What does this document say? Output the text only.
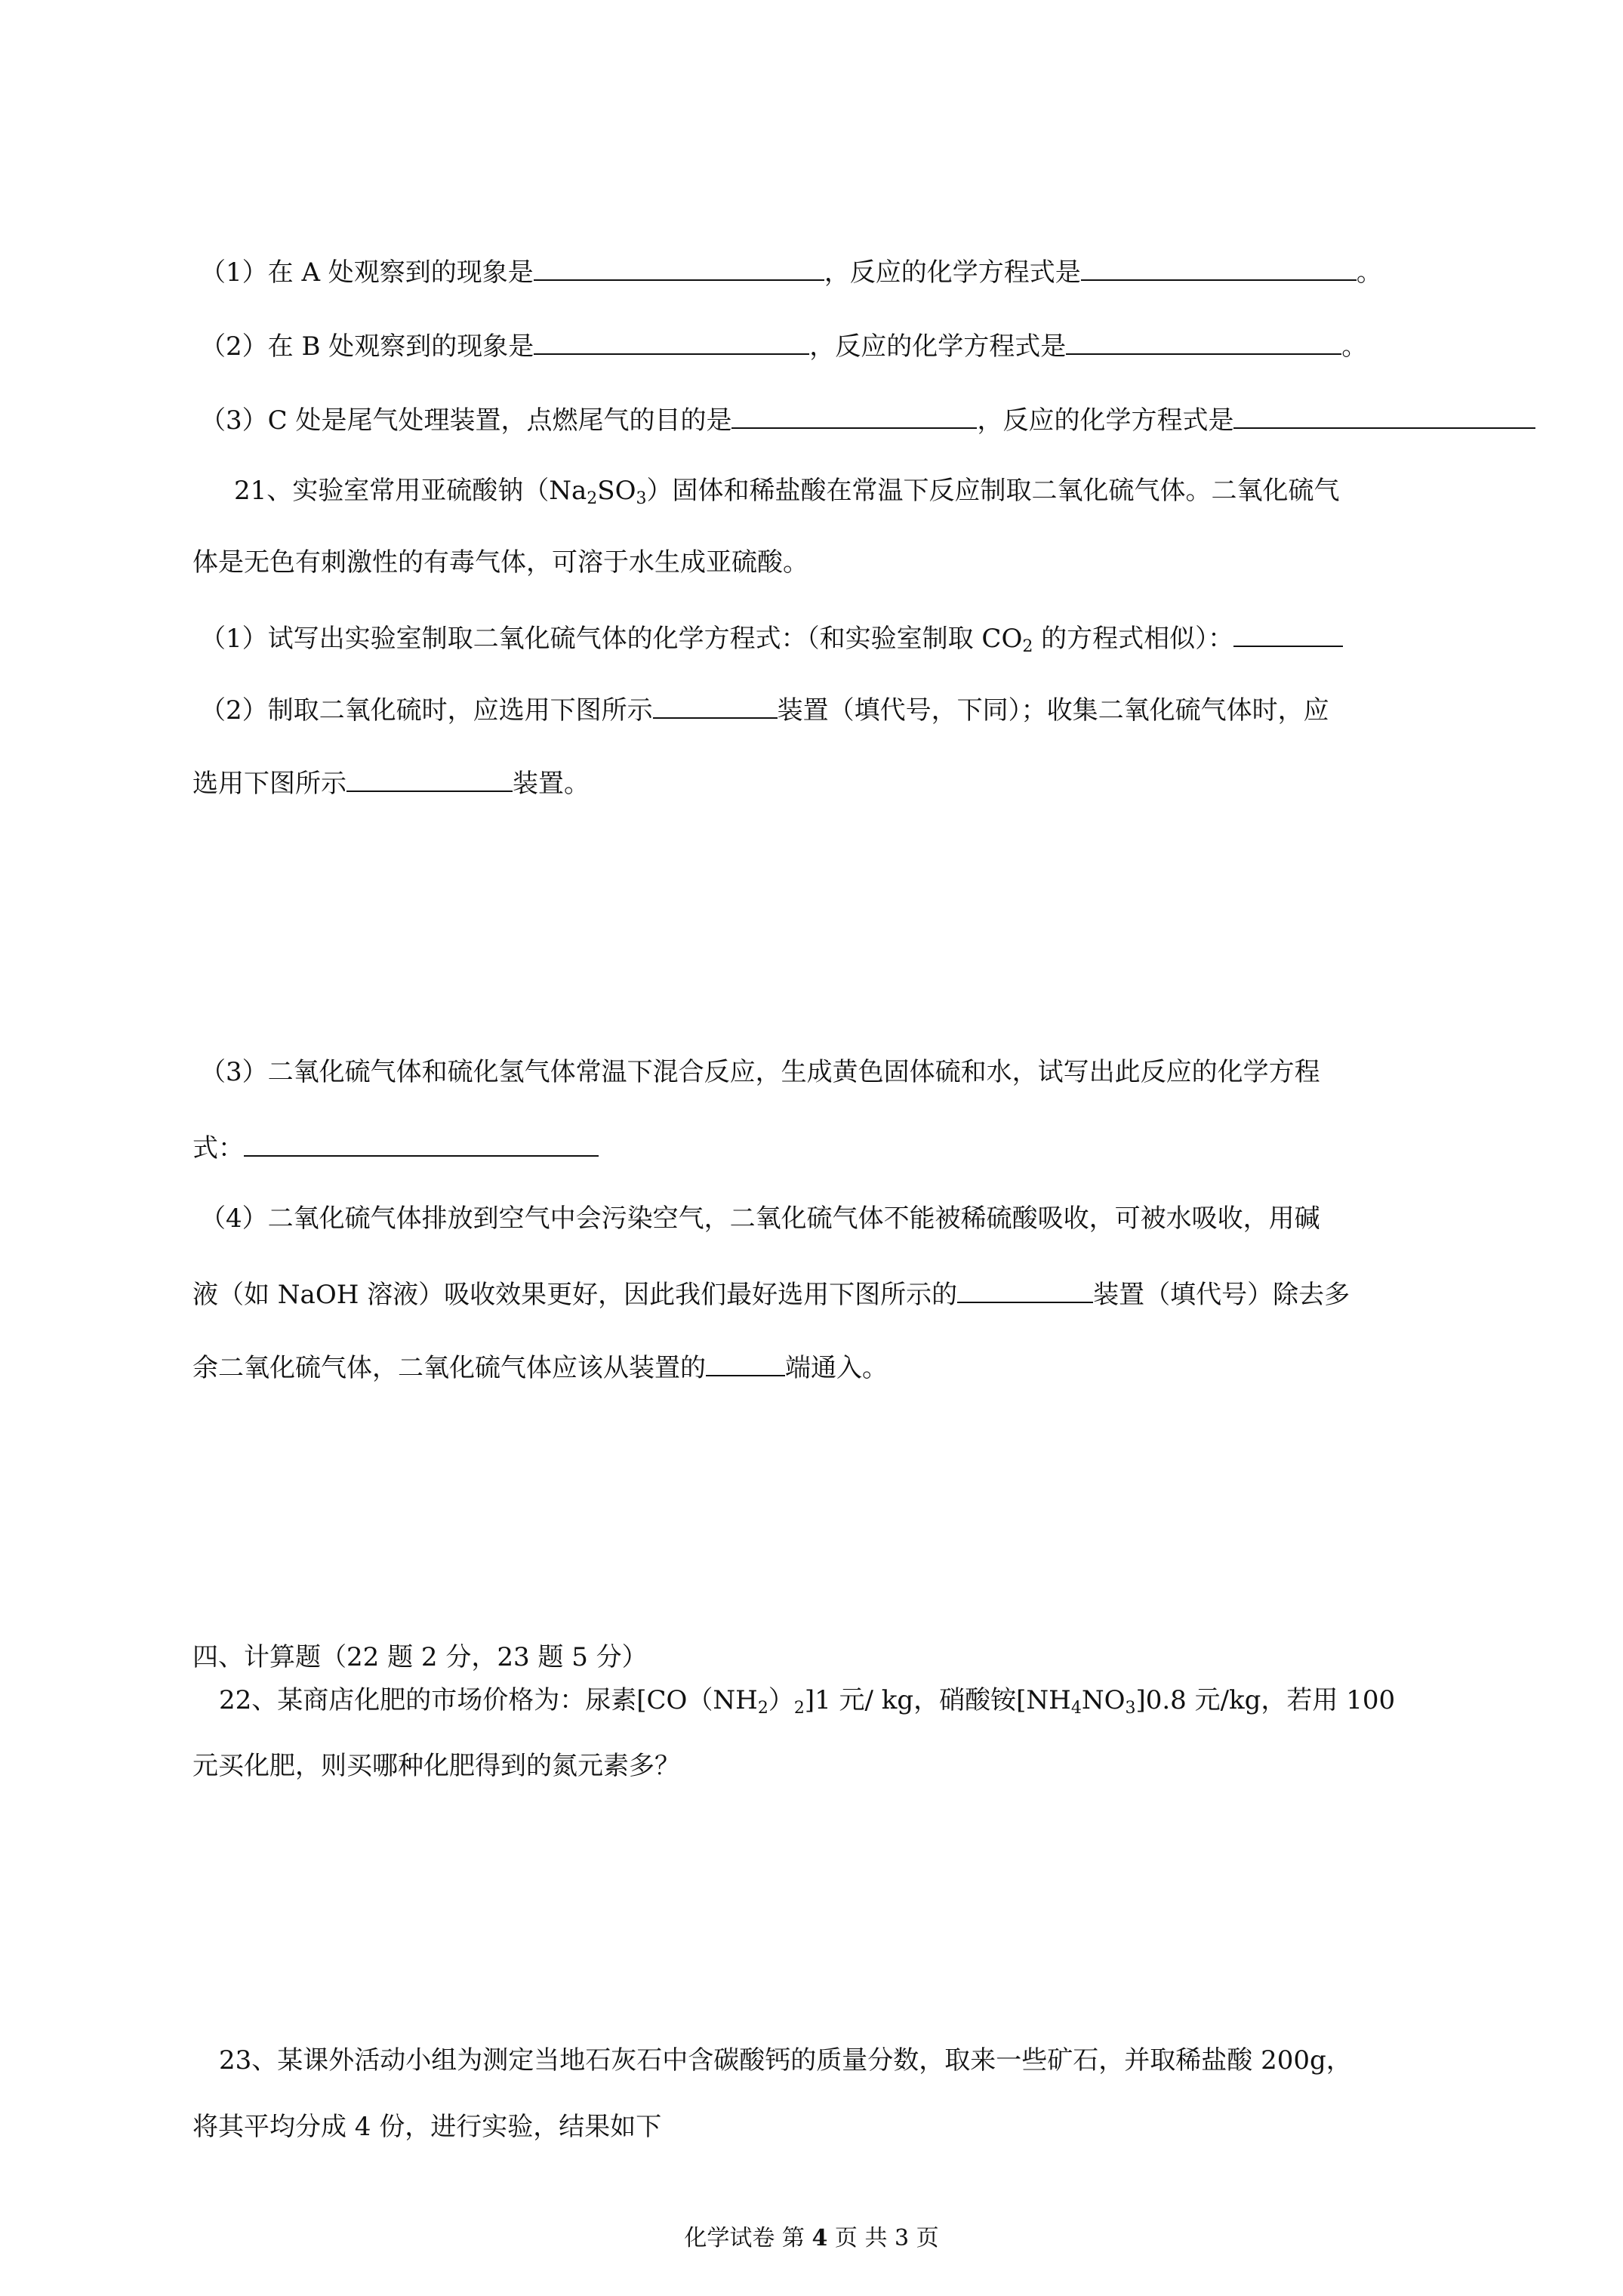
（1）在 A 处观察到的现象是	，反应的化学方程式是	。
（2）在 B 处观察到的现象是	，反应的化学方程式是	。
（3）C 处是尾气处理装置，点燃尾气的目的是	，反应的化学方程式是
21、实验室常用亚硫酸钠$(Na_2SO_3)$固体和稀盐酸在常温下反应制取二氧化硫气体。二氧化硫气
体是无色有刺激性的有毒气体，可溶于水生成亚硫酸。
（1）试写出实验室制取二氧化硫气体的化学方程式：（和实验室制取 $CO_2$ 的方程式相似）：
（2）制取二氧化硫时，应选用下图所示	装置（填代号，下同）；收集二氧化硫气体时，应
选用下图所示	装置。
（3）二氧化硫气体和硫化氢气体常温下混合反应，生成黄色固体硫和水，试写出此反应的化学方程
式：
（4）二氧化硫气体排放到空气中会污染空气，二氧化硫气体不能被稀硫酸吸收，可被水吸收，用碱
液（如 NaOH 溶液）吸收效果更好，因此我们最好选用下图所示的	装置（填代号）除去多
余二氧化硫气体，二氧化硫气体应该从装置的	端通入。
四、计算题（22 题 2 分，23 题 5 分）
22、某商店化肥的市场价格为：尿素$[CO(NH_2)_2]1$ 元/ kg，硝酸铵$[NH_4NO_3]0.8$ 元/kg，若用 100
元买化肥，则买哪种化肥得到的氮元素多？
23、某课外活动小组为测定当地石灰石中含碳酸钙的质量分数，取来一些矿石，并取稀盐酸 200g，
将其平均分成 4 份，进行实验，结果如下
化学试卷 第 4 页 共 3 页
